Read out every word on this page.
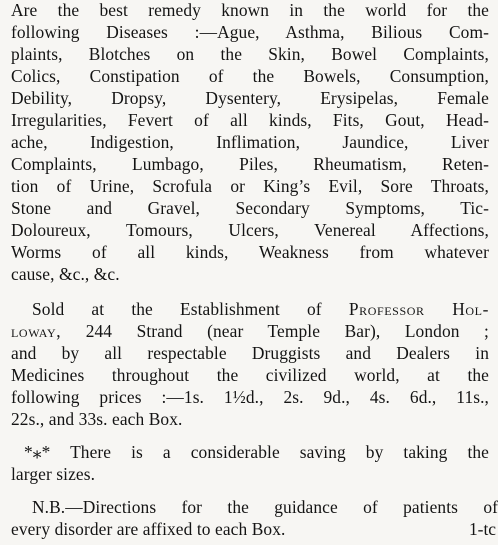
Are the best remedy known in the world for the
following Diseases :—Ague, Asthma, Bilious Com-
plaints, Blotches on the Skin, Bowel Complaints,
Colics, Constipation of the Bowels, Consumption,
Debility, Dropsy, Dysentery, Erysipelas, Female
Irregularities, Fevert of all kinds, Fits, Gout, Head-
ache, Indigestion, Inflimation, Jaundice, Liver
Complaints, Lumbago, Piles, Rheumatism, Reten-
tion of Urine, Scrofula or King’s Evil, Sore Throats,
Stone and Gravel, Secondary Symptoms, Tic-
Doloureux, Tomours, Ulcers, Venereal Affections,
Worms of all kinds, Weakness from whatever
cause, &c., &c.
Sold at the Establishment of Professor Hol-
loway, 244 Strand (near Temple Bar), London ;
and by all respectable Druggists and Dealers in
Medicines throughout the civilized world, at the
following prices :—1s. 1½d., 2s. 9d., 4s. 6d., 11s.,
22s., and 33s. each Box.
*⁎* There is a considerable saving by taking the
larger sizes.
N.B.—Directions for the guidance of patients of
every disorder are affixed to each Box.	1-tc
